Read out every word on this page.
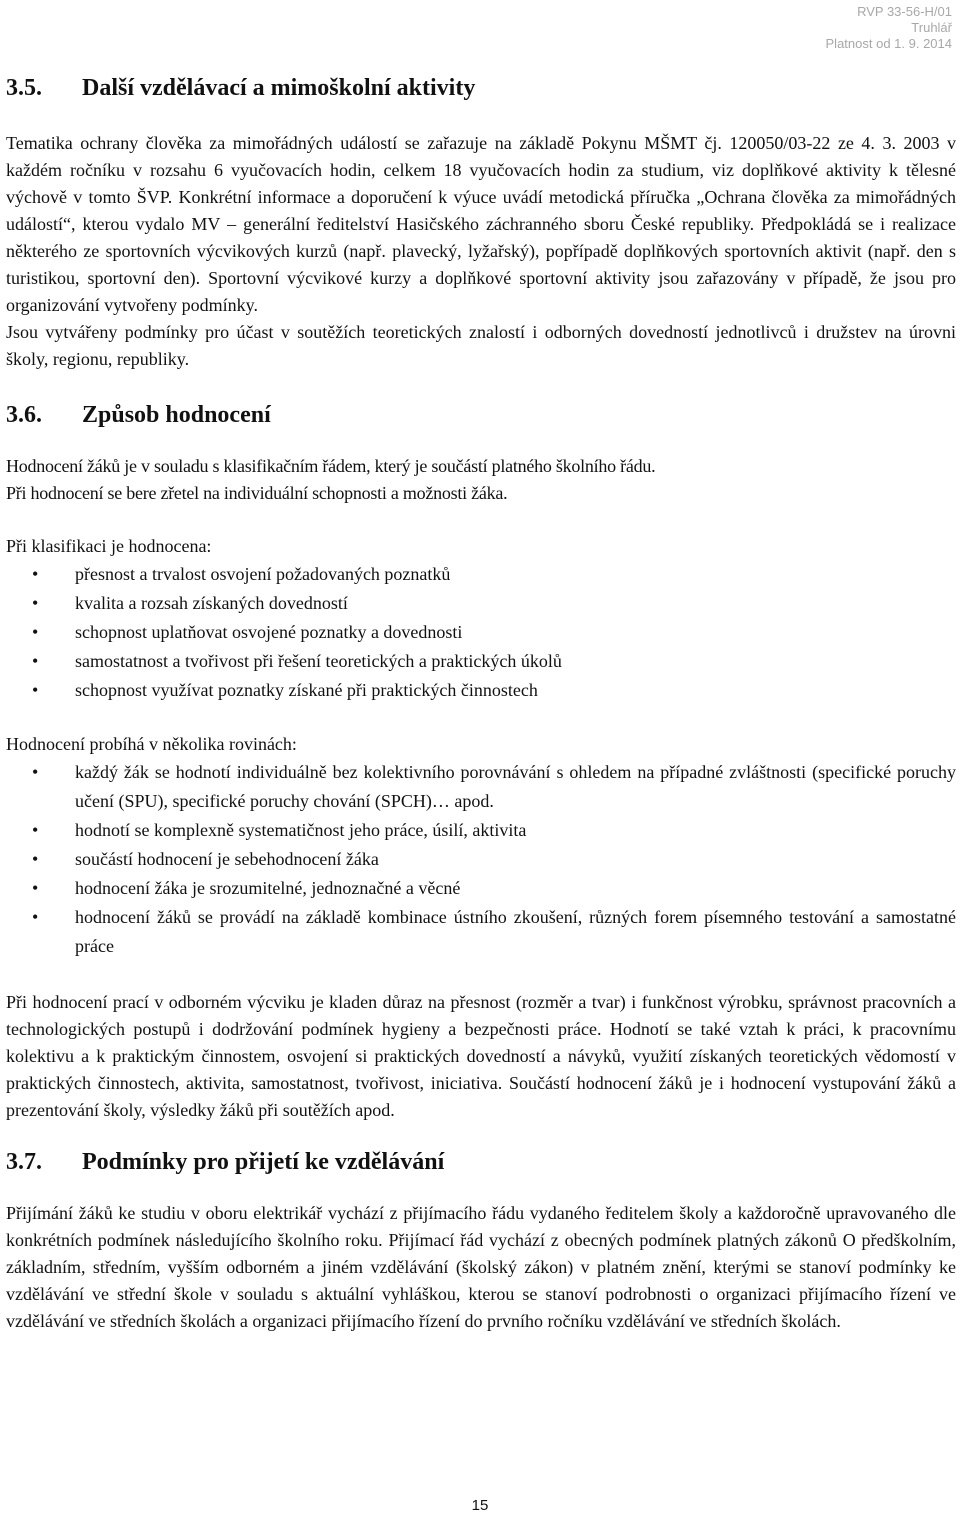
RVP 33-56-H/01
Truhlář
Platnost od 1. 9. 2014
3.5.	Další vzdělávací a mimoškolní aktivity

Tematika ochrany člověka za mimořádných událostí se zařazuje na základě Pokynu MŠMT čj. 120050/03-22 ze 4. 3. 2003 v každém ročníku v rozsahu 6 vyučovacích hodin, celkem 18 vyučovacích hodin za studium, viz doplňkové aktivity k tělesné výchově v tomto ŠVP. Konkrétní informace a doporučení k výuce uvádí metodická příručka „Ochrana člověka za mimořádných událostí“, kterou vydalo MV – generální ředitelství Hasičského záchranného sboru České republiky. Předpokládá se i realizace některého ze sportovních výcvikových kurzů (např. plavecký, lyžařský), popřípadě doplňkových sportovních aktivit (např. den s turistikou, sportovní den). Sportovní výcvikové kurzy a doplňkové sportovní aktivity jsou zařazovány v případě, že jsou pro organizování vytvořeny podmínky.

Jsou vytvářeny podmínky pro účast v soutěžích teoretických znalostí i odborných dovedností jednotlivců i družstev na úrovni školy, regionu, republiky.

3.6.	Způsob hodnocení

Hodnocení žáků je v souladu s klasifikačním řádem, který je součástí platného školního řádu.

Při hodnocení se bere zřetel na individuální schopnosti a možnosti žáka.

Při klasifikaci je hodnocena:

• přesnost a trvalost osvojení požadovaných poznatků
• kvalita a rozsah získaných dovedností
• schopnost uplatňovat osvojené poznatky a dovednosti
• samostatnost a tvořivost při řešení teoretických a praktických úkolů
• schopnost využívat poznatky získané při praktických činnostech

Hodnocení probíhá v několika rovinách:

• každý žák se hodnotí individuálně bez kolektivního porovnávání s ohledem na případné zvláštnosti (specifické poruchy učení (SPU), specifické poruchy chování (SPCH)… apod.
• hodnotí se komplexně systematičnost jeho práce, úsilí, aktivita
• součástí hodnocení je sebehodnocení žáka
• hodnocení žáka je srozumitelné, jednoznačné a věcné
• hodnocení žáků se provádí na základě kombinace ústního zkoušení, různých forem písemného testování a samostatné práce

Při hodnocení prací v odborném výcviku je kladen důraz na přesnost (rozměr a tvar) i funkčnost výrobku, správnost pracovních a technologických postupů i dodržování podmínek hygieny a bezpečnosti práce. Hodnotí se také vztah k práci, k pracovnímu kolektivu a k praktickým činnostem, osvojení si praktických dovedností a návyků, využití získaných teoretických vědomostí v praktických činnostech, aktivita, samostatnost, tvořivost, iniciativa. Součástí hodnocení žáků je i hodnocení vystupování žáků a prezentování školy, výsledky žáků při soutěžích apod.

3.7.	Podmínky pro přijetí ke vzdělávání

Přijímání žáků ke studiu v oboru elektrikář vychází z přijímacího řádu vydaného ředitelem školy a každoročně upravovaného dle konkrétních podmínek následujícího školního roku. Přijímací řád vychází z obecných podmínek platných zákonů O předškolním, základním, středním, vyšším odborném a jiném vzdělávání (školský zákon) v platném znění, kterými se stanoví podmínky ke vzdělávání ve střední škole v souladu s aktuální vyhláškou, kterou se stanoví podrobnosti o organizaci přijímacího řízení ve vzdělávání ve středních školách a organizaci přijímacího řízení do prvního ročníku vzdělávání ve středních školách.

15
